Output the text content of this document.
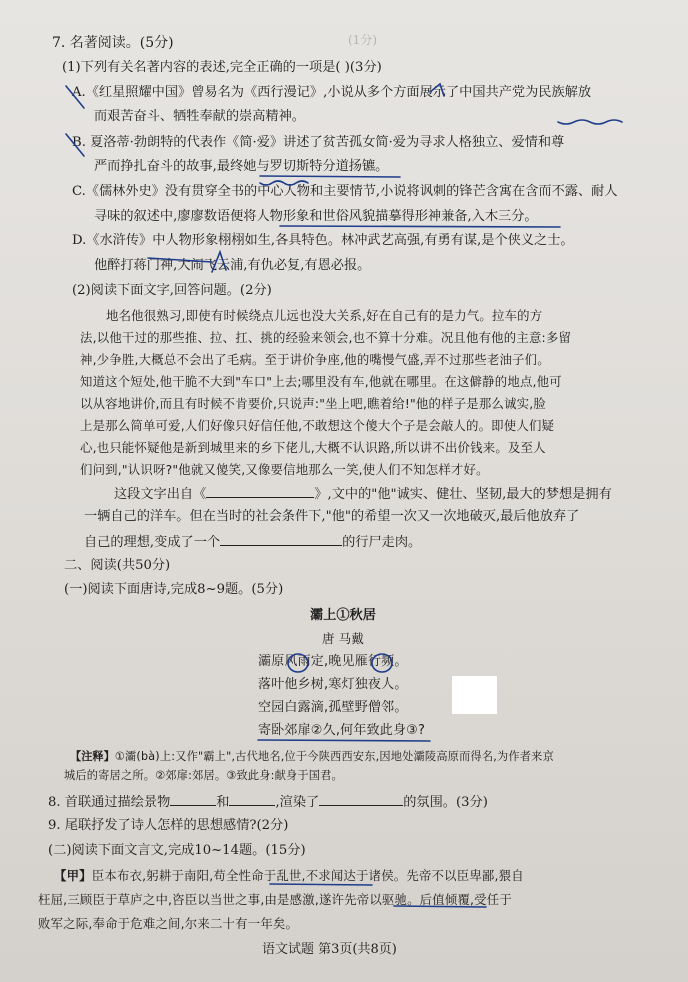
(1分)
7. 名著阅读。(5分)
(1)下列有关名著内容的表述,完全正确的一项是( )(3分)
A.《红星照耀中国》曾易名为《西行漫记》,小说从多个方面展示了中国共产党为民族解放
而艰苦奋斗、牺牲奉献的崇高精神。
B. 夏洛蒂·勃朗特的代表作《简·爱》讲述了贫苦孤女简·爱为寻求人格独立、爱情和尊
严而挣扎奋斗的故事,最终她与罗切斯特分道扬镳。
C.《儒林外史》没有贯穿全书的中心人物和主要情节,小说将讽刺的锋芒含寓在含而不露、耐人
寻味的叙述中,廖廖数语便将人物形象和世俗风貌描摹得形神兼备,入木三分。
D.《水浒传》中人物形象栩栩如生,各具特色。林冲武艺高强,有勇有谋,是个侠义之士。
他醉打蒋门神,大闹飞云浦,有仇必复,有恩必报。
(2)阅读下面文字,回答问题。(2分)
地名他很熟习,即使有时候绕点儿远也没大关系,好在自己有的是力气。拉车的方
法,以他干过的那些推、拉、扛、挑的经验来领会,也不算十分难。况且他有他的主意:多留
神,少争胜,大概总不会出了毛病。至于讲价争座,他的嘴慢气盛,弄不过那些老油子们。
知道这个短处,他干脆不大到"车口"上去;哪里没有车,他就在哪里。在这僻静的地点,他可
以从容地讲价,而且有时候不肯要价,只说声:"坐上吧,瞧着给!"他的样子是那么诚实,脸
上是那么简单可爱,人们好像只好信任他,不敢想这个傻大个子是会敲人的。即使人们疑
心,也只能怀疑他是新到城里来的乡下佬儿,大概不认识路,所以讲不出价钱来。及至人
们问到,"认识呀?"他就又傻笑,又像要信地那么一笑,使人们不知怎样才好。
这段文字出自《	》,文中的"他"诚实、健壮、坚韧,最大的梦想是拥有
一辆自己的洋车。但在当时的社会条件下,"他"的希望一次又一次地破灭,最后他放弃了
自己的理想,变成了一个	的行尸走肉。
二、阅读(共50分)
(一)阅读下面唐诗,完成8~9题。(5分)
灞上①秋居
唐 马戴
灞原风雨定,晚见雁行频。
落叶他乡树,寒灯独夜人。
空园白露滴,孤壁野僧邻。
寄卧郊扉②久,何年致此身③?
【注释】①灞(bà)上:又作"霸上",古代地名,位于今陕西西安东,因地处灞陵高原而得名,为作者来京
城后的寄居之所。②郊扉:郊居。③致此身:献身于国君。
8. 首联通过描绘景物	和	,渲染了	的氛围。(3分)
9. 尾联抒发了诗人怎样的思想感情?(2分)
(二)阅读下面文言文,完成10~14题。(15分)
【甲】臣本布衣,躬耕于南阳,苟全性命于乱世,不求闻达于诸侯。先帝不以臣卑鄙,猥自
枉屈,三顾臣于草庐之中,咨臣以当世之事,由是感激,遂许先帝以驱驰。后值倾覆,受任于
败军之际,奉命于危难之间,尔来二十有一年矣。
语文试题 第3页(共8页)
